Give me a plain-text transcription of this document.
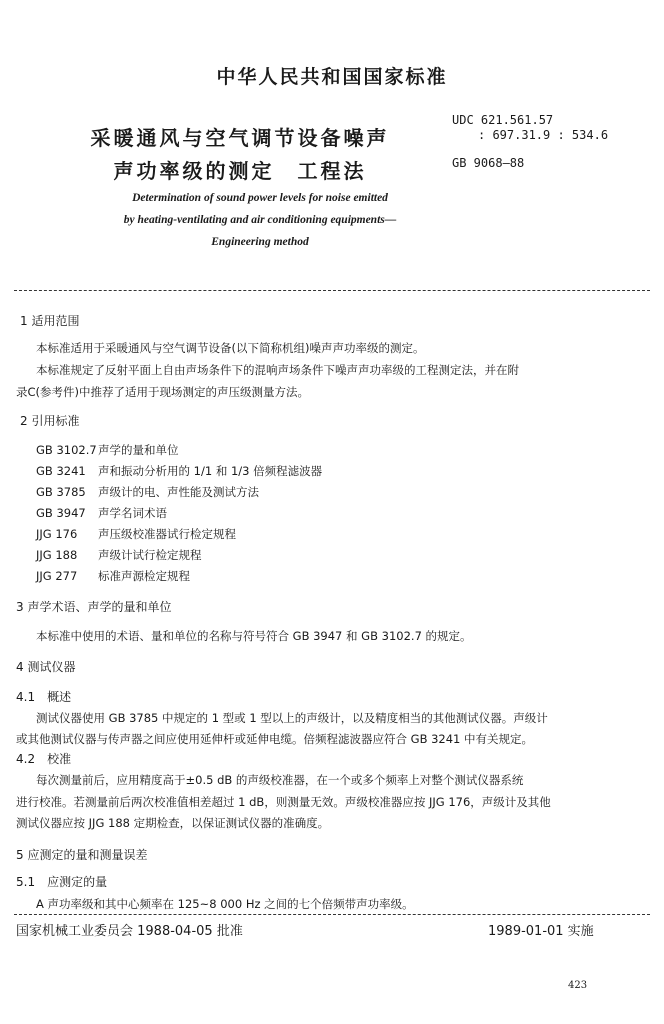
中华人民共和国国家标准
采暖通风与空气调节设备噪声
声功率级的测定　工程法
UDC 621.561.57
: 697.31.9 : 534.6
GB 9068—88
Determination of sound power levels for noise emitted
by heating-ventilating and air conditioning equipments—
Engineering method
1 适用范围
本标准适用于采暖通风与空气调节设备(以下简称机组)噪声声功率级的测定。
本标准规定了反射平面上自由声场条件下的混响声场条件下噪声声功率级的工程测定法，并在附
录C(参考件)中推荐了适用于现场测定的声压级测量方法。
2 引用标准
GB 3102.7声学的量和单位
GB 3241 声和振动分析用的 1/1 和 1/3 倍频程滤波器
GB 3785 声级计的电、声性能及测试方法
GB 3947 声学名词术语
JJG 176 声压级校准器试行检定规程
JJG 188 声级计试行检定规程
JJG 277 标准声源检定规程
3 声学术语、声学的量和单位
本标准中使用的术语、量和单位的名称与符号符合 GB 3947 和 GB 3102.7 的规定。
4 测试仪器
4.1　概述
测试仪器使用 GB 3785 中规定的 1 型或 1 型以上的声级计，以及精度相当的其他测试仪器。声级计
或其他测试仪器与传声器之间应使用延伸杆或延伸电缆。倍频程滤波器应符合 GB 3241 中有关规定。
4.2　校准
每次测量前后，应用精度高于±0.5 dB 的声级校准器，在一个或多个频率上对整个测试仪器系统
进行校准。若测量前后两次校准值相差超过 1 dB，则测量无效。声级校准器应按 JJG 176，声级计及其他
测试仪器应按 JJG 188 定期检查，以保证测试仪器的准确度。
5 应测定的量和测量误差
5.1　应测定的量
A 声功率级和其中心频率在 125~8 000 Hz 之间的七个倍频带声功率级。
国家机械工业委员会 1988-04-05 批准	1989-01-01 实施
423
